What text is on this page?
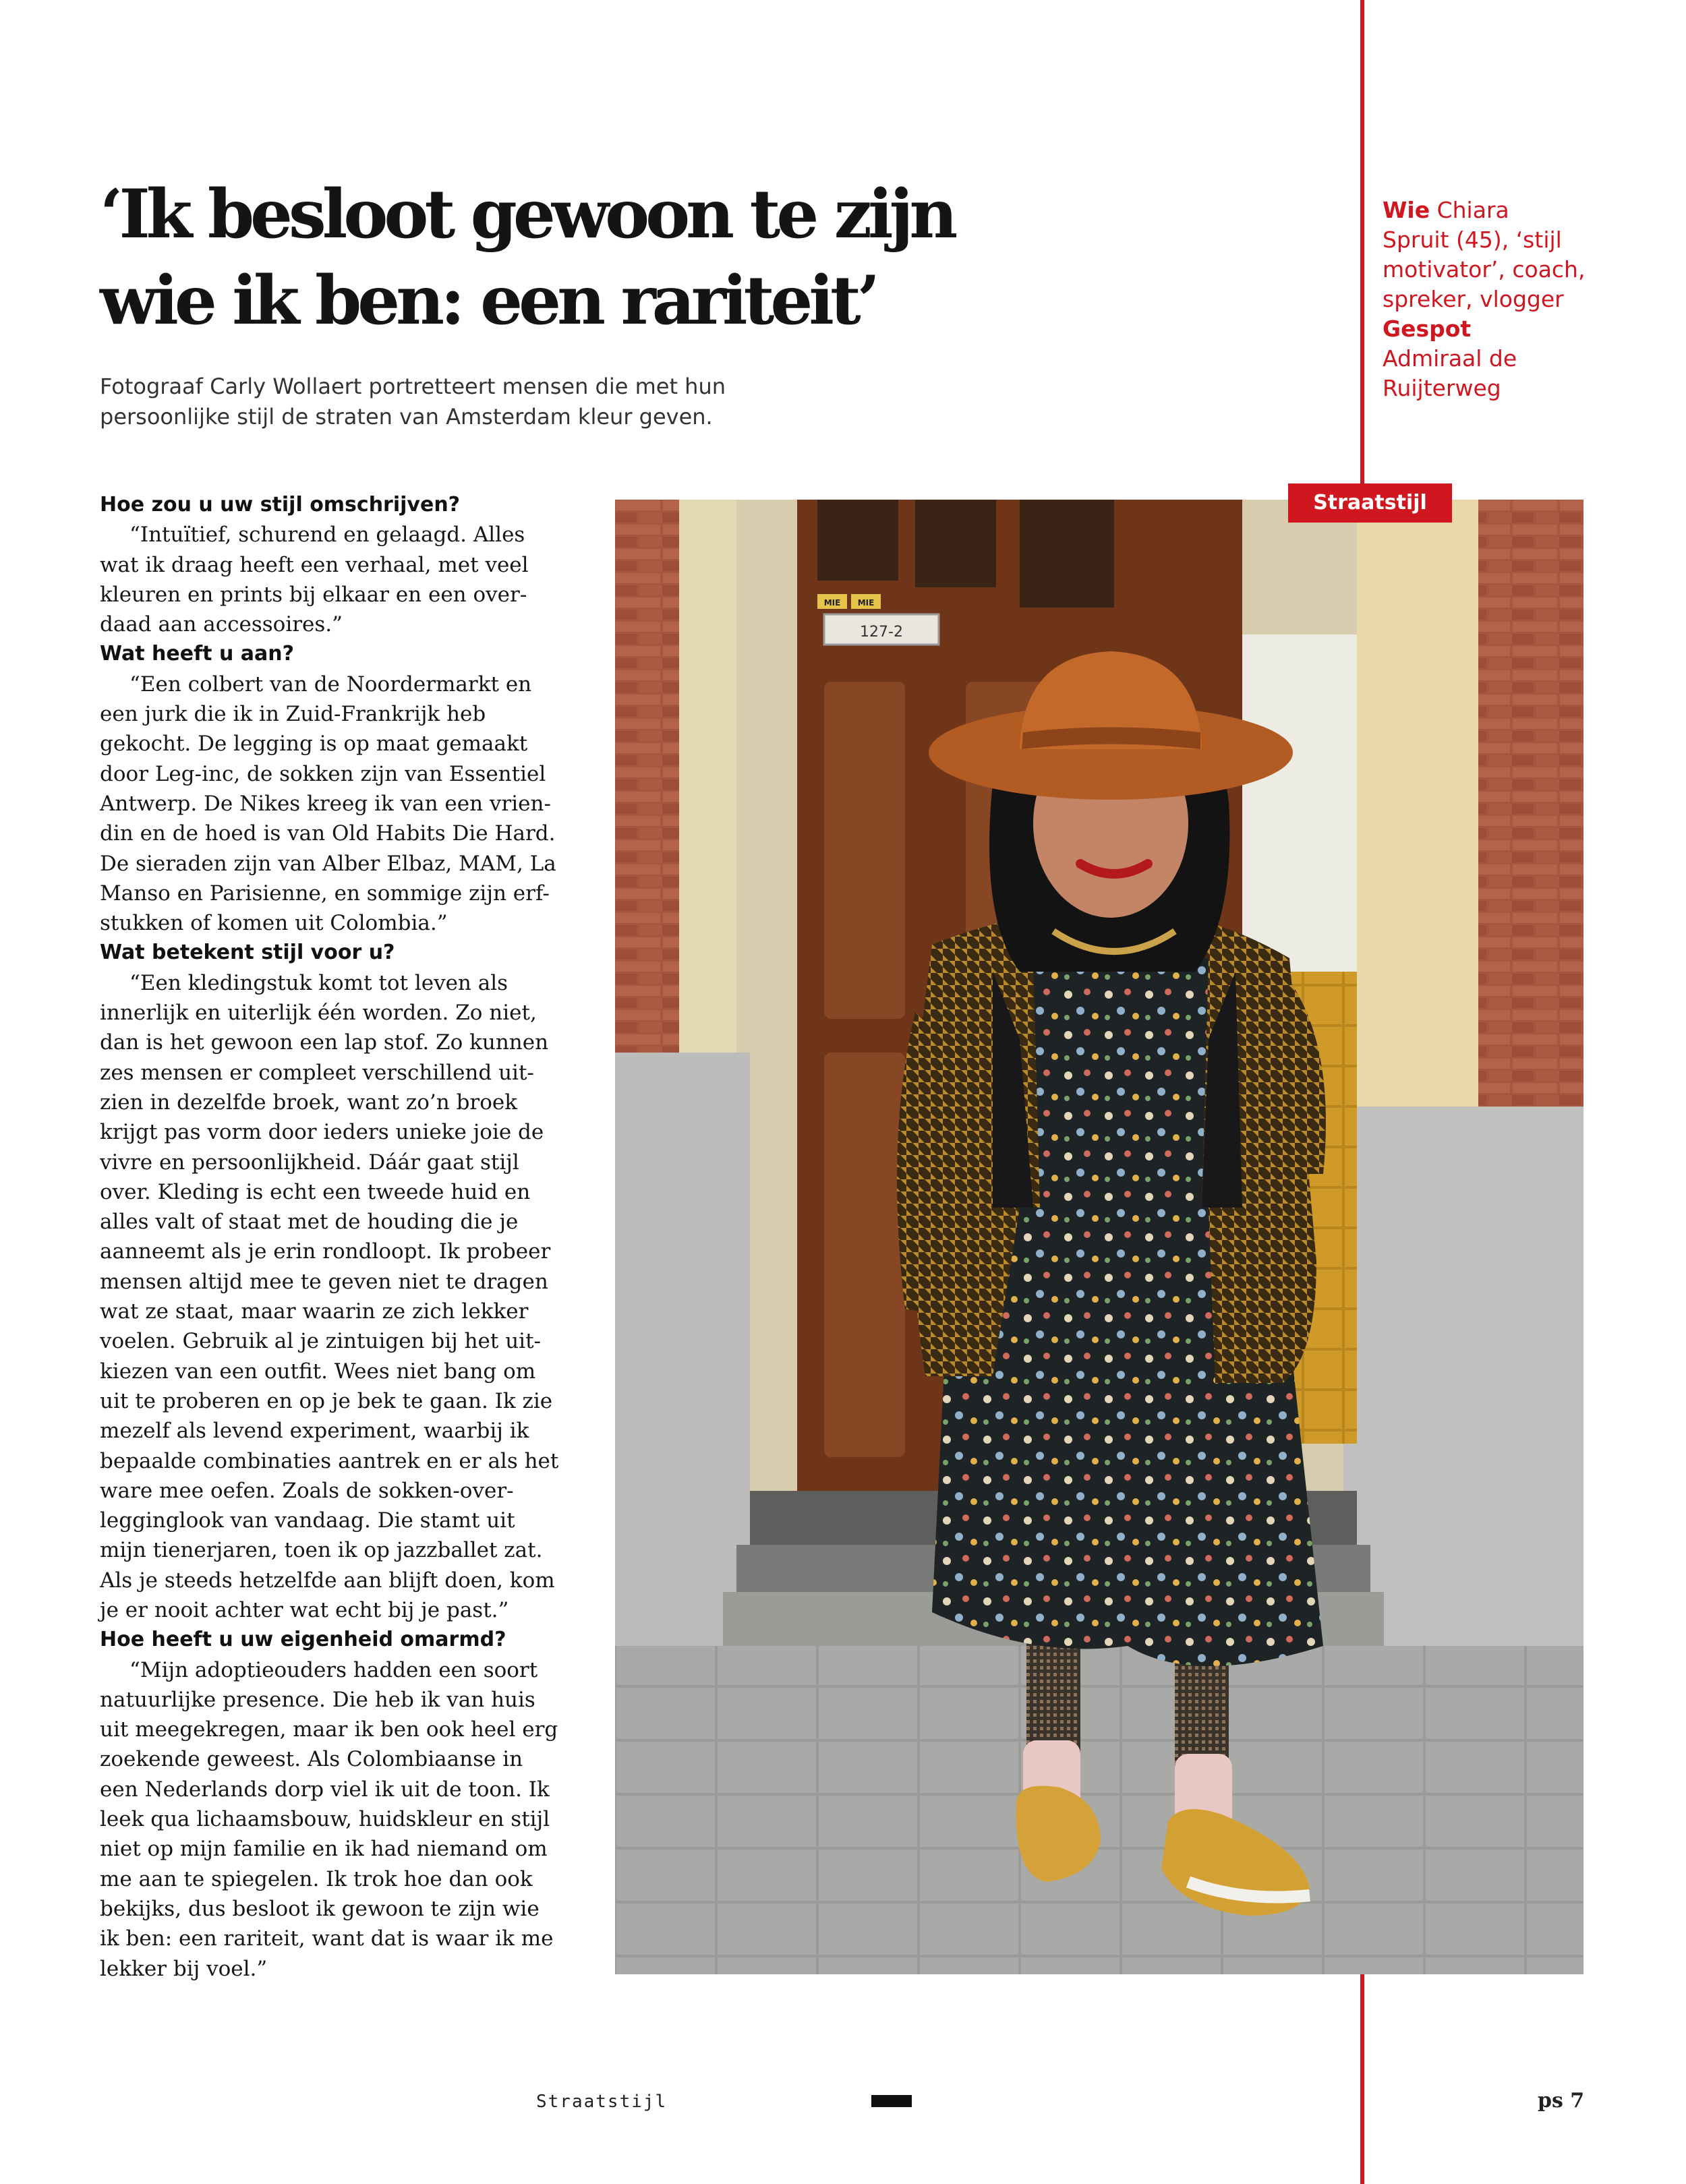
‘Ik besloot gewoon te zijn
wie ik ben: een rariteit’
Fotograaf Carly Wollaert portretteert mensen die met hun
persoonlijke stijl de straten van Amsterdam kleur geven.
Wie Chiara
Spruit (45), ‘stijl
motivator’, coach,
spreker, vlogger
Gespot
Admiraal de
Ruijterweg
Hoe zou u uw stijl omschrijven?
“Intuïtief, schurend en gelaagd. Alles
wat ik draag heeft een verhaal, met veel
kleuren en prints bij elkaar en een over-
daad aan accessoires.”
Wat heeft u aan?
“Een colbert van de Noordermarkt en
een jurk die ik in Zuid-Frankrijk heb
gekocht. De legging is op maat gemaakt
door Leg-inc, de sokken zijn van Essentiel
Antwerp. De Nikes kreeg ik van een vrien-
din en de hoed is van Old Habits Die Hard.
De sieraden zijn van Alber Elbaz, MAM, La
Manso en Parisienne, en sommige zijn erf-
stukken of komen uit Colombia.”
Wat betekent stijl voor u?
“Een kledingstuk komt tot leven als
innerlijk en uiterlijk één worden. Zo niet,
dan is het gewoon een lap stof. Zo kunnen
zes mensen er compleet verschillend uit-
zien in dezelfde broek, want zo’n broek
krijgt pas vorm door ieders unieke joie de
vivre en persoonlijkheid. Dáár gaat stijl
over. Kleding is echt een tweede huid en
alles valt of staat met de houding die je
aanneemt als je erin rondloopt. Ik probeer
mensen altijd mee te geven niet te dragen
wat ze staat, maar waarin ze zich lekker
voelen. Gebruik al je zintuigen bij het uit-
kiezen van een outfit. Wees niet bang om
uit te proberen en op je bek te gaan. Ik zie
mezelf als levend experiment, waarbij ik
bepaalde combinaties aantrek en er als het
ware mee oefen. Zoals de sokken-over-
legginglook van vandaag. Die stamt uit
mijn tienerjaren, toen ik op jazzballet zat.
Als je steeds hetzelfde aan blijft doen, kom
je er nooit achter wat echt bij je past.”
Hoe heeft u uw eigenheid omarmd?
“Mijn adoptieouders hadden een soort
natuurlijke presence. Die heb ik van huis
uit meegekregen, maar ik ben ook heel erg
zoekende geweest. Als Colombiaanse in
een Nederlands dorp viel ik uit de toon. Ik
leek qua lichaamsbouw, huidskleur en stijl
niet op mijn familie en ik had niemand om
me aan te spiegelen. Ik trok hoe dan ook
bekijks, dus besloot ik gewoon te zijn wie
ik ben: een rariteit, want dat is waar ik me
lekker bij voel.”
127-2
MIE MIE
Straatstijl
Straatstijl	ps 7
